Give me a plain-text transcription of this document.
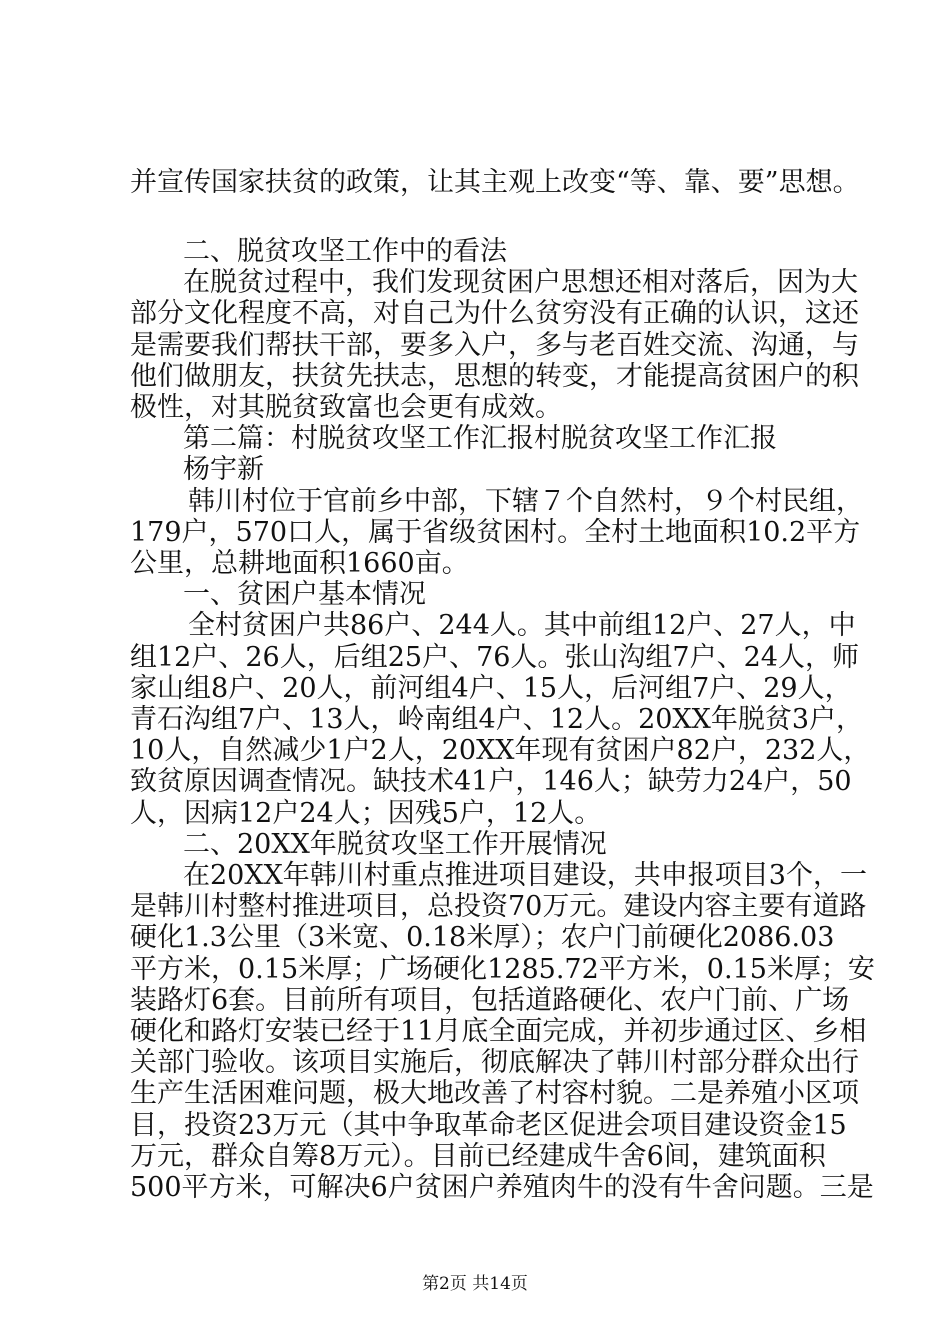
并宣传国家扶贫的政策，让其主观上改变“等、靠、要”思想。
二、脱贫攻坚工作中的看法
在脱贫过程中，我们发现贫困户思想还相对落后，因为大
部分文化程度不高，对自己为什么贫穷没有正确的认识，这还
是需要我们帮扶干部，要多入户，多与老百姓交流、沟通，与
他们做朋友，扶贫先扶志，思想的转变，才能提高贫困户的积
极性，对其脱贫致富也会更有成效。
第二篇：村脱贫攻坚工作汇报村脱贫攻坚工作汇报
杨宇新
韩川村位于官前乡中部，下辖７个自然村，９个村民组，
179户，570口人，属于省级贫困村。全村土地面积10.2平方
公里，总耕地面积1660亩。
一、贫困户基本情况
全村贫困户共86户、244人。其中前组12户、27人，中
组12户、26人，后组25户、76人。张山沟组7户、24人，师
家山组8户、20人，前河组4户、15人，后河组7户、29人，
青石沟组7户、13人，岭南组4户、12人。20XX年脱贫3户，
10人，自然减少1户2人，20XX年现有贫困户82户，232人，
致贫原因调查情况。缺技术41户，146人；缺劳力24户，50
人，因病12户24人；因残5户，12人。
二、20XX年脱贫攻坚工作开展情况
在20XX年韩川村重点推进项目建设，共申报项目3个，一
是韩川村整村推进项目，总投资70万元。建设内容主要有道路
硬化1.3公里（3米宽、0.18米厚）；农户门前硬化2086.03
平方米，0.15米厚；广场硬化1285.72平方米，0.15米厚；安
装路灯6套。目前所有项目，包括道路硬化、农户门前、广场
硬化和路灯安装已经于11月底全面完成，并初步通过区、乡相
关部门验收。该项目实施后，彻底解决了韩川村部分群众出行
生产生活困难问题，极大地改善了村容村貌。二是养殖小区项
目，投资23万元（其中争取革命老区促进会项目建设资金15
万元，群众自筹8万元）。目前已经建成牛舍6间，建筑面积
500平方米，可解决6户贫困户养殖肉牛的没有牛舍问题。三是
第2页 共14页
